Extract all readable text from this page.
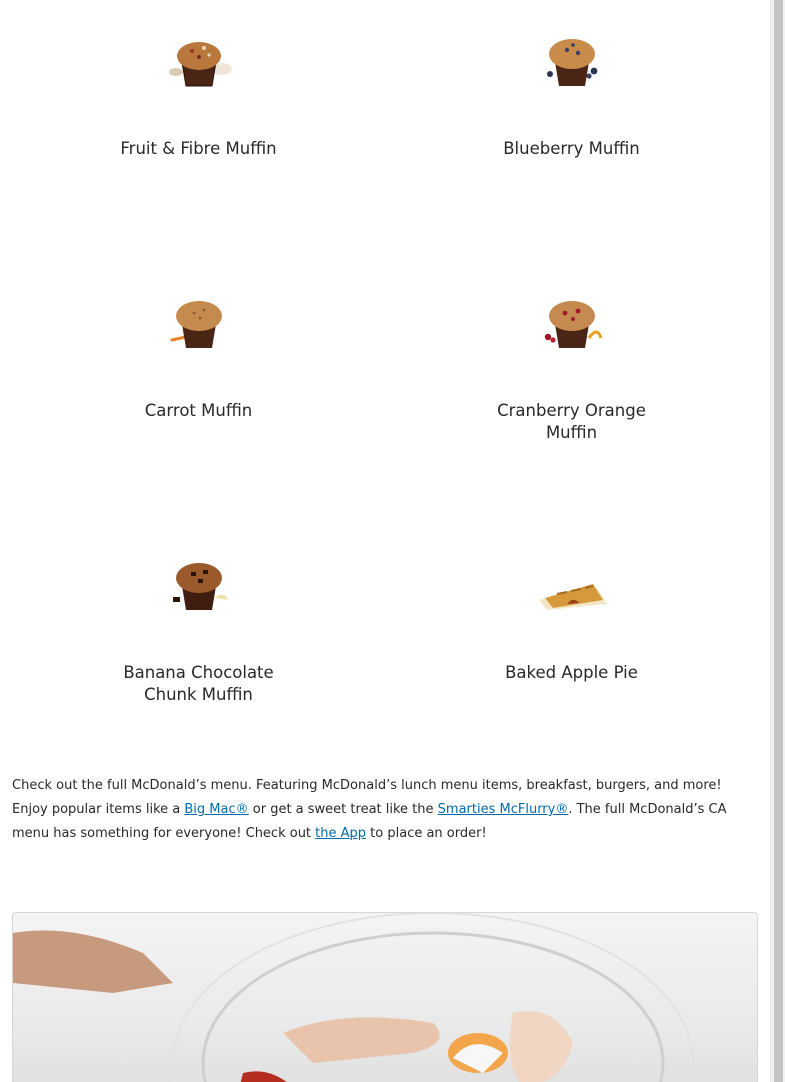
Fruit & Fibre Muffin	Blueberry Muffin
Carrot Muffin	Cranberry Orange Muffin
Banana Chocolate Chunk Muffin
Baked Apple Pie

Check out the full McDonald’s menu. Featuring McDonald’s lunch menu items, breakfast, burgers, and more! Enjoy popular items like a Big Mac® or get a sweet treat like the Smarties McFlurry®. The full McDonald’s CA menu has something for everyone! Check out the App to place an order!
